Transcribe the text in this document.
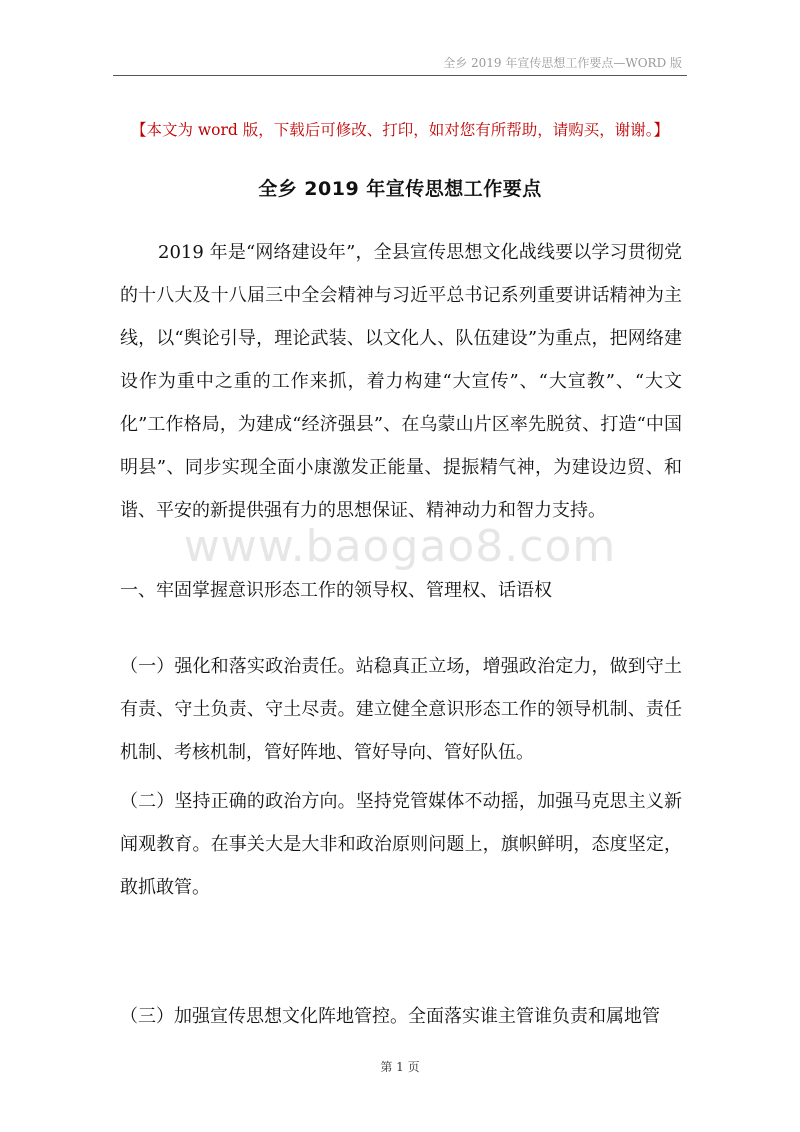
全乡 2019 年宣传思想工作要点—WORD 版
【本文为 word 版，下载后可修改、打印，如对您有所帮助，请购买，谢谢。】
全乡 2019 年宣传思想工作要点
2019 年是“网络建设年”，全县宣传思想文化战线要以学习贯彻党的十八大及十八届三中全会精神与习近平总书记系列重要讲话精神为主线，以“舆论引导，理论武装、以文化人、队伍建设”为重点，把网络建设作为重中之重的工作来抓，着力构建“大宣传”、“大宣教”、“大文化”工作格局，为建成“经济强县”、在乌蒙山片区率先脱贫、打造“中国明县”、同步实现全面小康激发正能量、提振精气神，为建设边贸、和谐、平安的新提供强有力的思想保证、精神动力和智力支持。
www.baogao8.com
一、牢固掌握意识形态工作的领导权、管理权、话语权
（一）强化和落实政治责任。站稳真正立场，增强政治定力，做到守土有责、守土负责、守土尽责。建立健全意识形态工作的领导机制、责任机制、考核机制，管好阵地、管好导向、管好队伍。
（二）坚持正确的政治方向。坚持党管媒体不动摇，加强马克思主义新闻观教育。在事关大是大非和政治原则问题上，旗帜鲜明，态度坚定，敢抓敢管。
（三）加强宣传思想文化阵地管控。全面落实谁主管谁负责和属地管
第 1 页
